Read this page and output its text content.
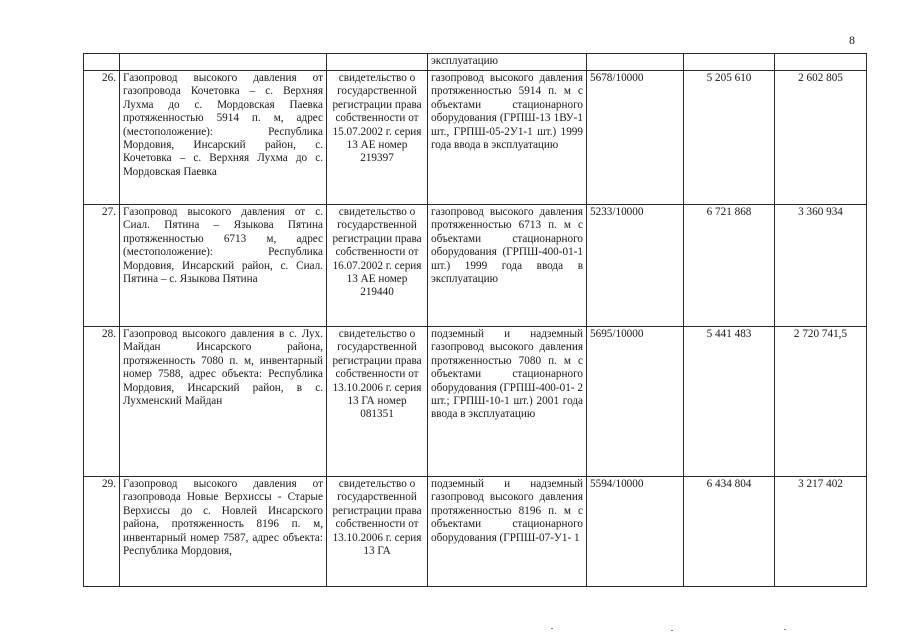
8
			эксплуатацию			
26.	Газопровод высокого давления от газопровода Кочетовка – с. Верхняя Лухма до с. Мордовская Паевка протяженностью 5914 п. м, адрес (местоположение): Республика Мордовия, Инсарский район, с. Кочетовка – с. Верхняя Лухма до с. Мордовская Паевка	свидетельство о государственной регистрации права собственности от 15.07.2002 г. серия 13 АЕ номер 219397	газопровод высокого давления протяженностью 5914 п. м с объектами стационарного оборудования (ГРПШ-13 1ВУ-1 шт., ГРПШ-05-2У1-1 шт.) 1999 года ввода в эксплуатацию	5678/10000	5 205 610	2 602 805
27.	Газопровод высокого давления от с. Сиал. Пятина – Языкова Пятина протяженностью 6713 м, адрес (местоположение): Республика Мордовия, Инсарский район, с. Сиал. Пятина – с. Языкова Пятина	свидетельство о государственной регистрации права собственности от 16.07.2002 г. серия 13 АЕ номер 219440	газопровод высокого давления протяженностью 6713 п. м с объектами стационарного оборудования (ГРПШ-400-01-1 шт.) 1999 года ввода в эксплуатацию	5233/10000	6 721 868	3 360 934
28.	Газопровод высокого давления в с. Лух. Майдан Инсарского района, протяженность 7080 п. м, инвентарный номер 7588, адрес объекта: Республика Мордовия, Инсарский район, в с. Лухменский Майдан	свидетельство о государственной регистрации права собственности от 13.10.2006 г. серия 13 ГА номер 081351	подземный и надземный газопровод высокого давления протяженностью 7080 п. м с объектами стационарного оборудования (ГРПШ-400-01- 2 шт.; ГРПШ-10-1 шт.) 2001 года ввода в эксплуатацию	5695/10000	5 441 483	2 720 741,5
29.	Газопровод высокого давления от газопровода Новые Верхиссы - Старые Верхиссы до с. Новлей Инсарского района, протяженность 8196 п. м, инвентарный номер 7587, адрес объекта: Республика Мордовия,	свидетельство о государственной регистрации права собственности от 13.10.2006 г. серия 13 ГА	подземный и надземный газопровод высокого давления протяженностью 8196 п. м с объектами стационарного оборудования (ГРПШ-07-У1- 1	5594/10000	6 434 804	3 217 402
